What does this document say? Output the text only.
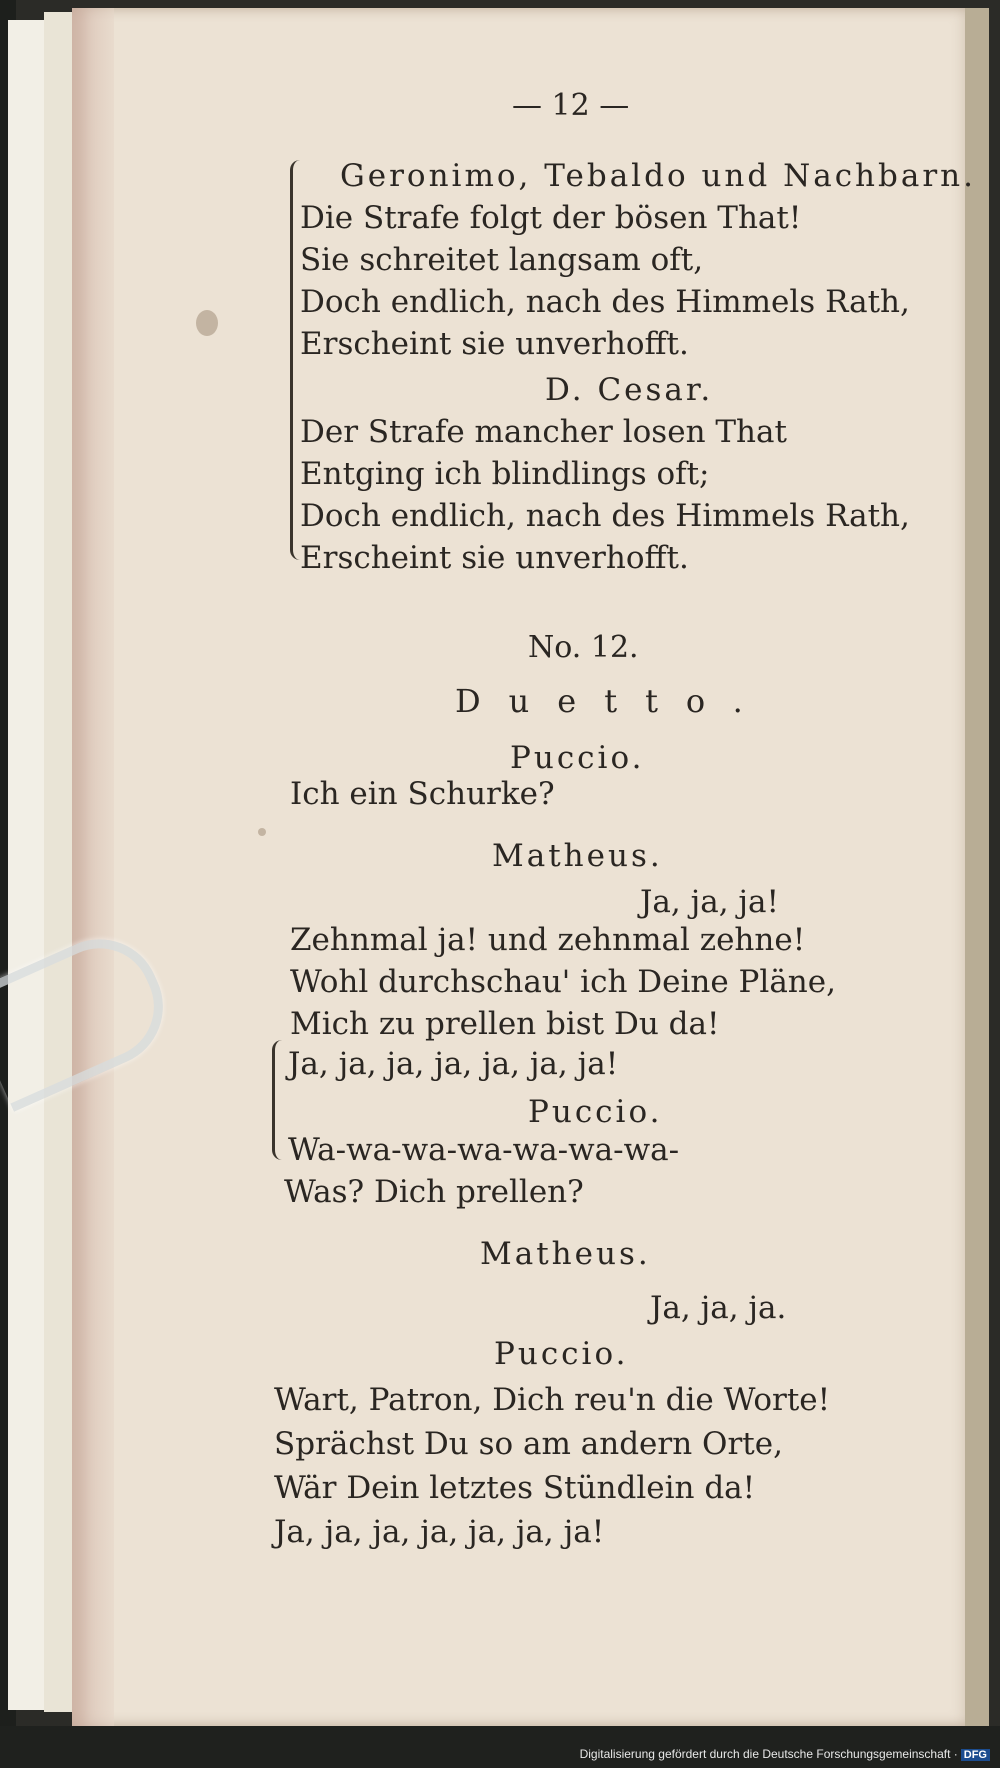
— 12 —
Geronimo, Tebaldo und Nachbarn.
Die Strafe folgt der bösen That!
Sie schreitet langsam oft,
Doch endlich, nach des Himmels Rath,
Erscheint sie unverhofft.
D. Cesar.
Der Strafe mancher losen That
Entging ich blindlings oft;
Doch endlich, nach des Himmels Rath,
Erscheint sie unverhofft.
No. 12.
Duetto.
Puccio.
Ich ein Schurke?
Matheus.
Ja, ja, ja!
Zehnmal ja! und zehnmal zehne!
Wohl durchschau' ich Deine Pläne,
Mich zu prellen bist Du da!
Ja, ja, ja, ja, ja, ja, ja!
Puccio.
Wa-wa-wa-wa-wa-wa-wa-
Was? Dich prellen?
Matheus.
Ja, ja, ja.
Puccio.
Wart, Patron, Dich reu'n die Worte!
Sprächst Du so am andern Orte,
Wär Dein letztes Stündlein da!
Ja, ja, ja, ja, ja, ja, ja!
Digitalisierung gefördert durch die Deutsche Forschungsgemeinschaft · DFG
